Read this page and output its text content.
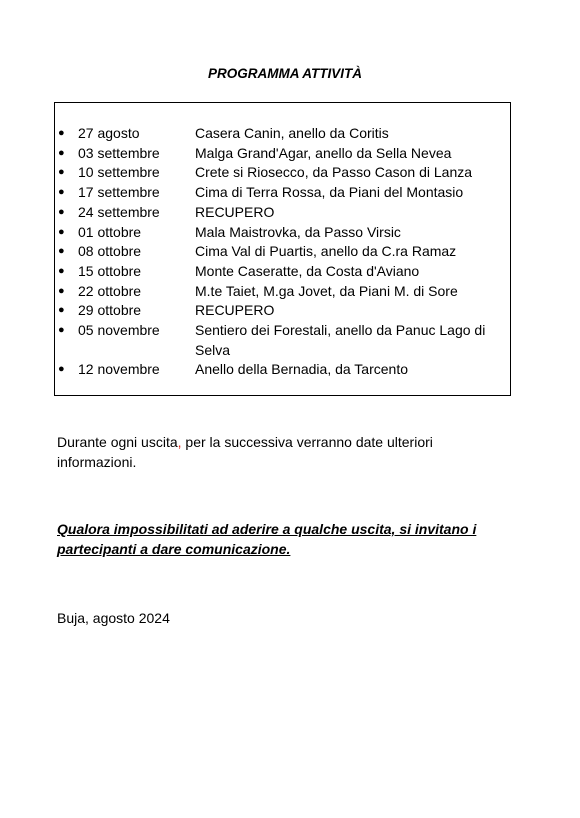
PROGRAMMA ATTIVITÀ
● 27 agosto	Casera Canin, anello da Coritis
● 03 settembre	Malga Grand'Agar, anello da Sella Nevea
● 10 settembre	Crete si Riosecco, da Passo Cason di Lanza
● 17 settembre	Cima di Terra Rossa, da Piani del Montasio
● 24 settembre	RECUPERO
● 01 ottobre	Mala Maistrovka, da Passo Virsic
● 08 ottobre	Cima Val di Puartis, anello da C.ra Ramaz
● 15 ottobre	Monte Caseratte, da Costa d'Aviano
● 22 ottobre	M.te Taiet, M.ga Jovet, da Piani M. di Sore
● 29 ottobre	RECUPERO
● 05 novembre	Sentiero dei Forestali, anello da Panuc Lago di Selva
● 12 novembre	Anello della Bernadia, da Tarcento
Durante ogni uscita, per la successiva verranno date ulteriori informazioni.
Qualora impossibilitati ad aderire a qualche uscita, si invitano i partecipanti a dare comunicazione.
Buja, agosto 2024
